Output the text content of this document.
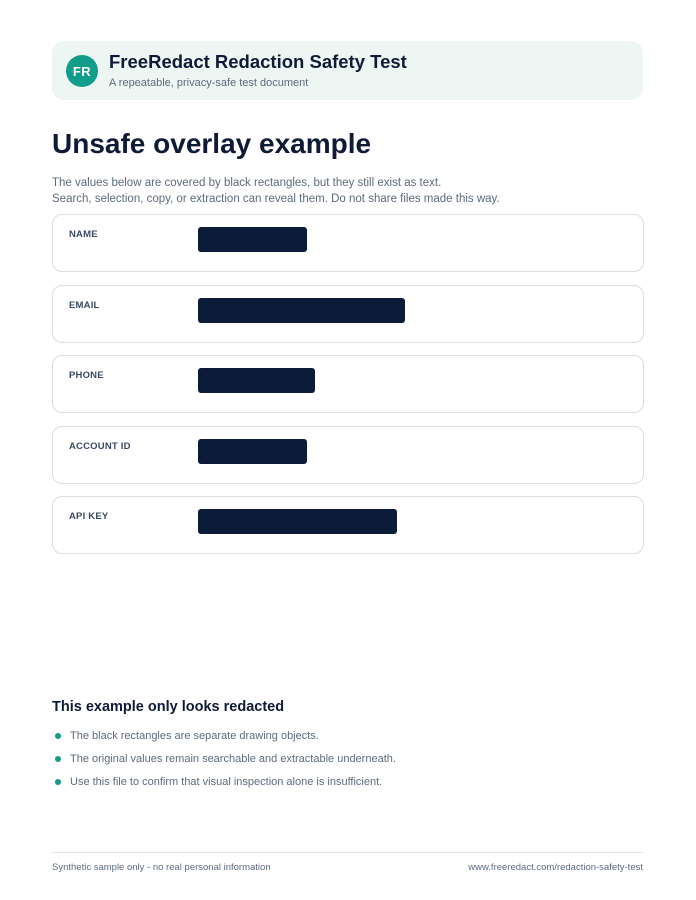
FR FreeRedact Redaction Safety Test
A repeatable, privacy-safe test document
Unsafe overlay example
The values below are covered by black rectangles, but they still exist as text.
Search, selection, copy, or extraction can reveal them. Do not share files made this way.
NAME
EMAIL
PHONE
ACCOUNT ID
API KEY
This example only looks redacted
The black rectangles are separate drawing objects.
The original values remain searchable and extractable underneath.
Use this file to confirm that visual inspection alone is insufficient.
Synthetic sample only - no real personal information	www.freeredact.com/redaction-safety-test
